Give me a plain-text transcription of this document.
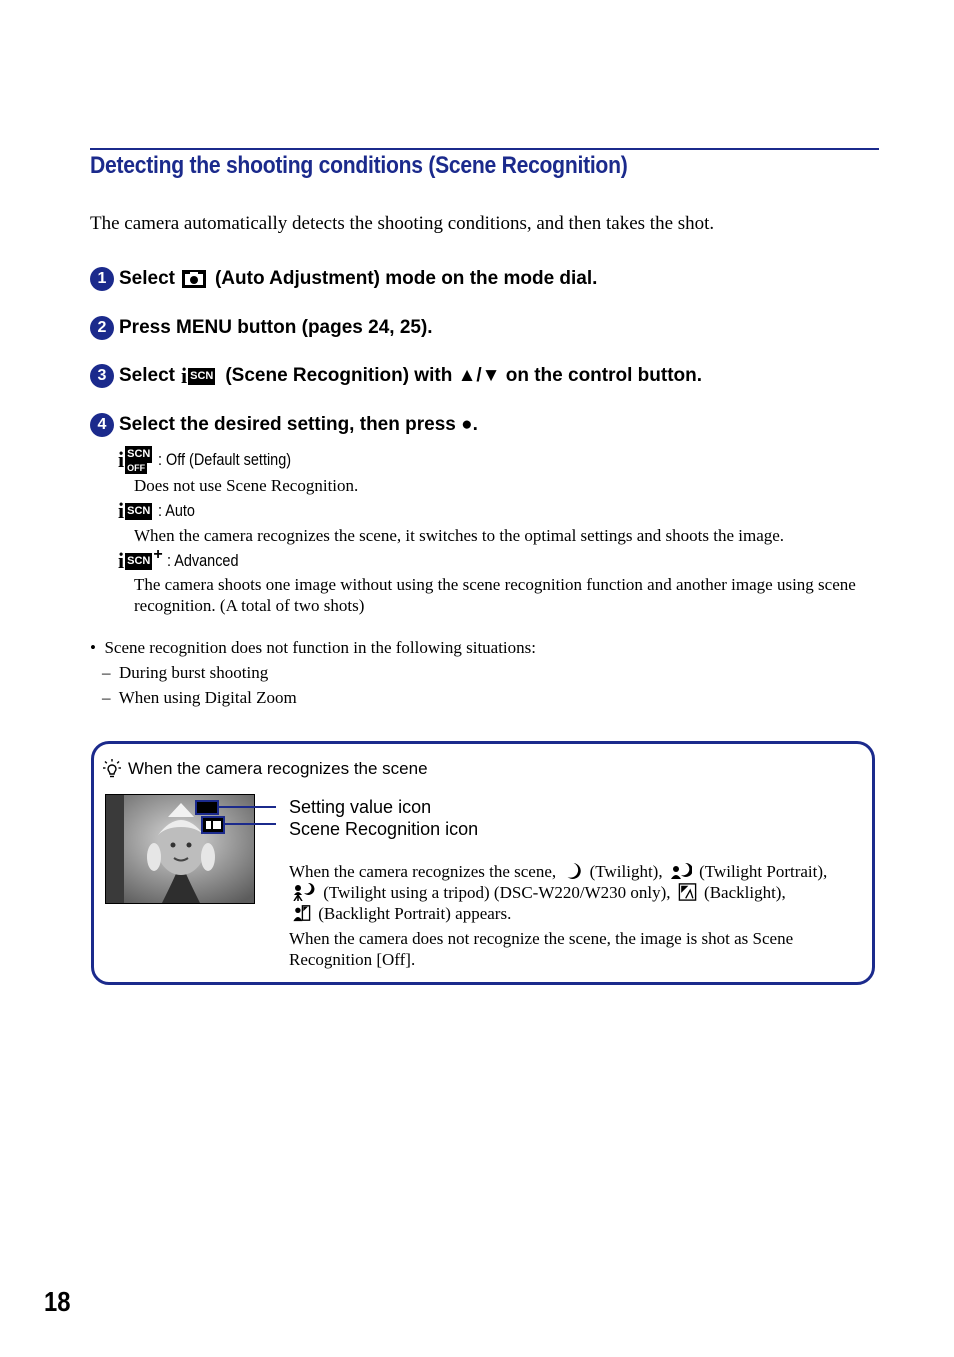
Detecting the shooting conditions (Scene Recognition)
The camera automatically detects the shooting conditions, and then takes the shot.
1 Select (Auto Adjustment) mode on the mode dial.
2 Press MENU button (pages 24, 25).
3 Select i SCN (Scene Recognition) with ▲/▼ on the control button.
4 Select the desired setting, then press ●.
i SCN
OFF : Off (Default setting)
Does not use Scene Recognition.
i SCN : Auto
When the camera recognizes the scene, it switches to the optimal settings and shoots the image.
i SCN + : Advanced
The camera shoots one image without using the scene recognition function and another image using scene recognition. (A total of two shots)
• Scene recognition does not function in the following situations:
– During burst shooting
– When using Digital Zoom
When the camera recognizes the scene
Setting value icon
Scene Recognition icon
When the camera recognizes the scene, (Twilight), (Twilight Portrait),
(Twilight using a tripod) (DSC-W220/W230 only), (Backlight),
(Backlight Portrait) appears.
When the camera does not recognize the scene, the image is shot as Scene Recognition [Off].
18
